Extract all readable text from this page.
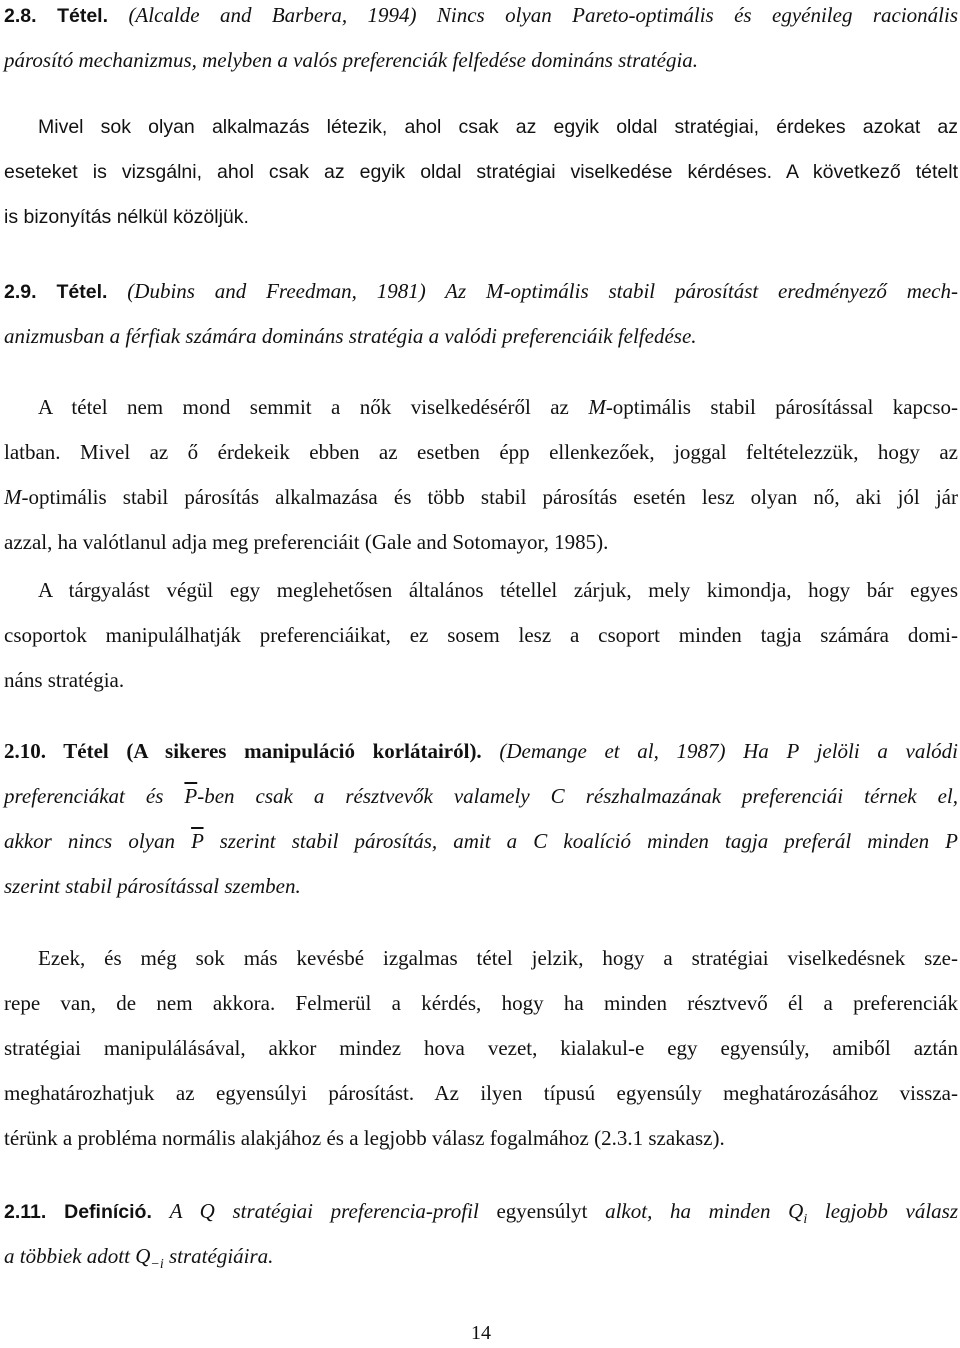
2.8. Tétel. (Alcalde and Barbera, 1994) Nincs olyan Pareto-optimális és egyénileg racionális
párosító mechanizmus, melyben a valós preferenciák felfedése domináns stratégia.
Mivel sok olyan alkalmazás létezik, ahol csak az egyik oldal stratégiai, érdekes azokat az
eseteket is vizsgálni, ahol csak az egyik oldal stratégiai viselkedése kérdéses. A következő tételt
is bizonyítás nélkül közöljük.
2.9. Tétel. (Dubins and Freedman, 1981) Az M-optimális stabil párosítást eredményező mech-
anizmusban a férfiak számára domináns stratégia a valódi preferenciáik felfedése.
A tétel nem mond semmit a nők viselkedéséről az M-optimális stabil párosítással kapcso-
latban. Mivel az ő érdekeik ebben az esetben épp ellenkezőek, joggal feltételezzük, hogy az
M-optimális stabil párosítás alkalmazása és több stabil párosítás esetén lesz olyan nő, aki jól jár
azzal, ha valótlanul adja meg preferenciáit (Gale and Sotomayor, 1985).
A tárgyalást végül egy meglehetősen általános tétellel zárjuk, mely kimondja, hogy bár egyes
csoportok manipulálhatják preferenciáikat, ez sosem lesz a csoport minden tagja számára domi-
náns stratégia.
2.10. Tétel (A sikeres manipuláció korlátairól). (Demange et al, 1987) Ha P jelöli a valódi
preferenciákat és $\overline{P}$-ben csak a résztvevők valamely C részhalmazának preferenciái térnek el,
akkor nincs olyan $\overline{P}$ szerint stabil párosítás, amit a C koalíció minden tagja preferál minden P
szerint stabil párosítással szemben.
Ezek, és még sok más kevésbé izgalmas tétel jelzik, hogy a stratégiai viselkedésnek sze-
repe van, de nem akkora. Felmerül a kérdés, hogy ha minden résztvevő él a preferenciák
stratégiai manipulálásával, akkor mindez hova vezet, kialakul-e egy egyensúly, amiből aztán
meghatározhatjuk az egyensúlyi párosítást. Az ilyen típusú egyensúly meghatározásához vissza-
térünk a probléma normális alakjához és a legjobb válasz fogalmához (2.3.1 szakasz).
2.11. Definíció. A Q stratégiai preferencia-profil egyensúlyt alkot, ha minden $Q_i$ legjobb válasz
a többiek adott $Q_{-i}$ stratégiáira.
14
